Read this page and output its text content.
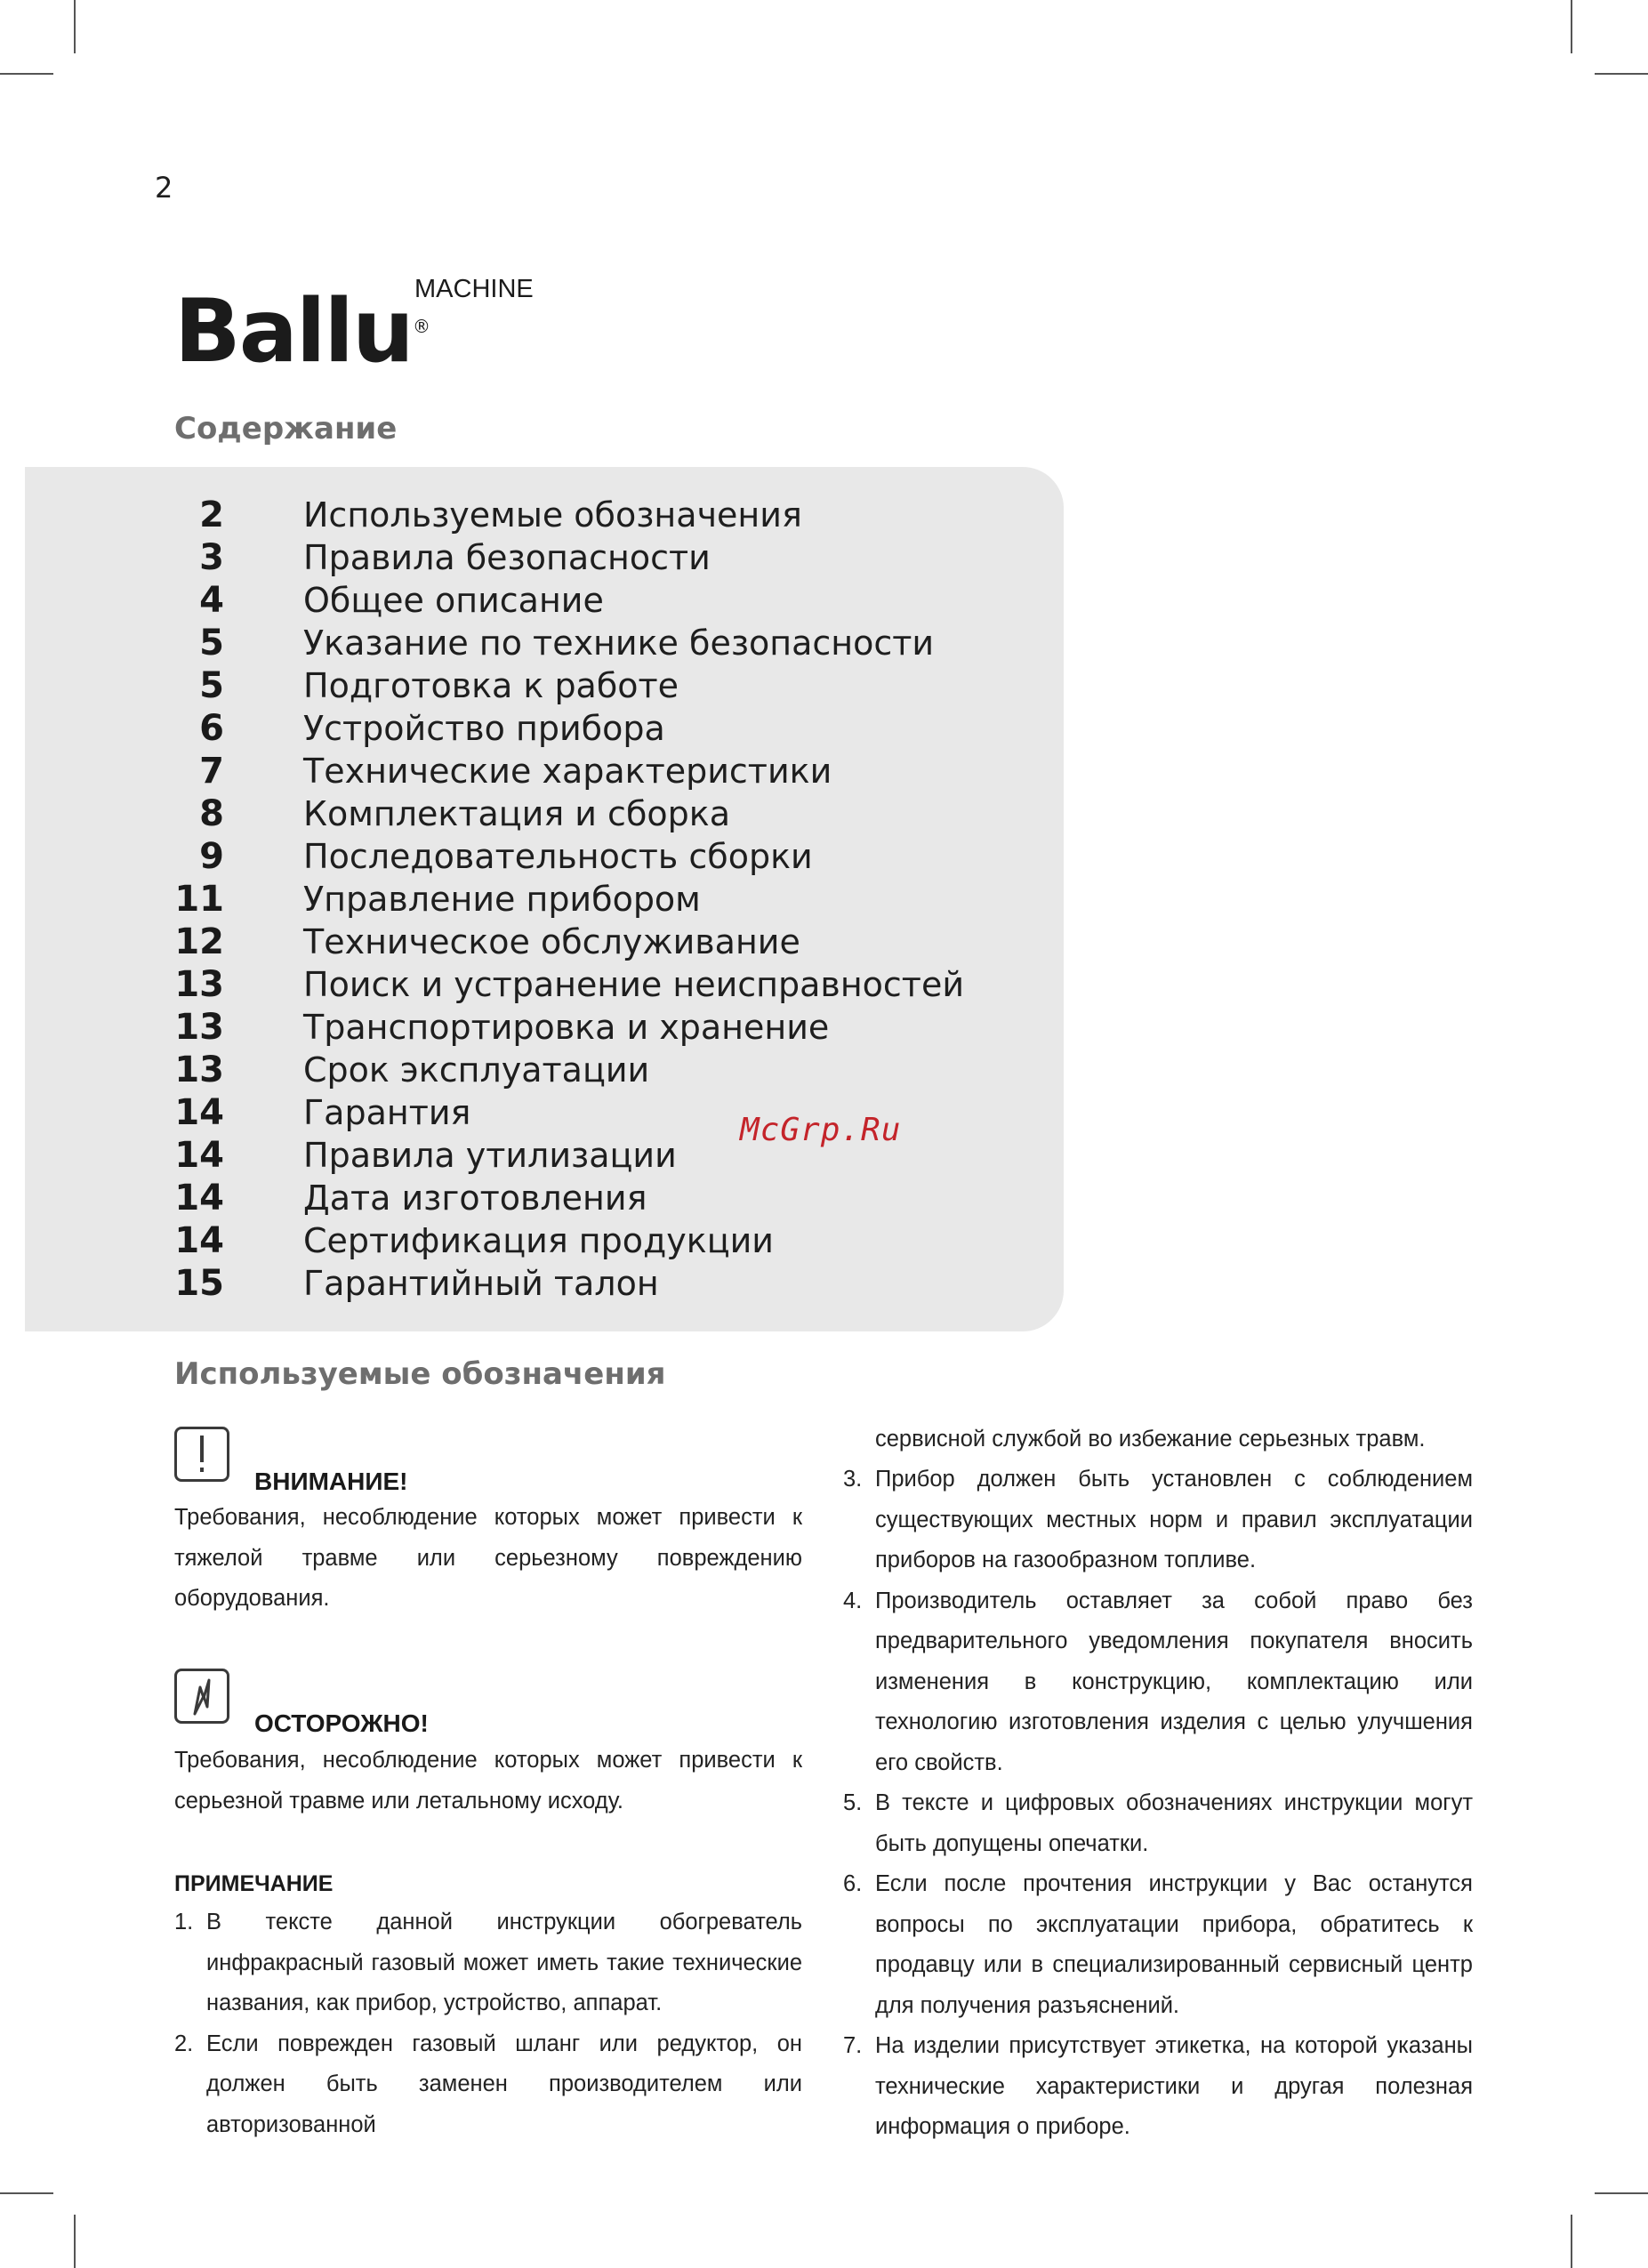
2
Ballu MACHINE
®
Содержание
2 Используемые обозначения
3 Правила безопасности
4 Общее описание
5 Указание по технике безопасности
5 Подготовка к работе
6 Устройство прибора
7 Технические характеристики
8 Комплектация и сборка
9 Последовательность сборки
11 Управление прибором
12 Техническое обслуживание
13 Поиск и устранение неисправностей
13 Транспортировка и хранение
13 Срок эксплуатации
14 Гарантия
14 Правила утилизации
14 Дата изготовления
14 Сертификация продукции
15 Гарантийный талон
McGrp.Ru
Используемые обозначения
ВНИМАНИЕ!

Требования, несоблюдение которых может привести к тяжелой травме или серьезному повреждению оборудования.

ОСТОРОЖНО!

Требования, несоблюдение которых может привести к серьезной травме или летальному исходу.

ПРИМЕЧАНИЕ
1. В тексте данной инструкции обогреватель инфракрасный газовый может иметь такие технические названия, как прибор, устройство, аппарат.
2. Если поврежден газовый шланг или редуктор, он должен быть заменен производителем или авторизованной

сервисной службой во избежание серьезных травм.

3. Прибор должен быть установлен с соблюдением существующих местных норм и правил эксплуатации приборов на газообразном топливе.
4. Производитель оставляет за собой право без предварительного уведомления покупателя вносить изменения в конструкцию, комплектацию или технологию изготовления изделия с целью улучшения его свойств.
5. В тексте и цифровых обозначениях инструкции могут быть допущены опечатки.
6. Если после прочтения инструкции у Вас останутся вопросы по эксплуатации прибора, обратитесь к продавцу или в специализированный сервисный центр для получения разъяснений.
7. На изделии присутствует этикетка, на которой указаны технические характеристики и другая полезная информация о приборе.
